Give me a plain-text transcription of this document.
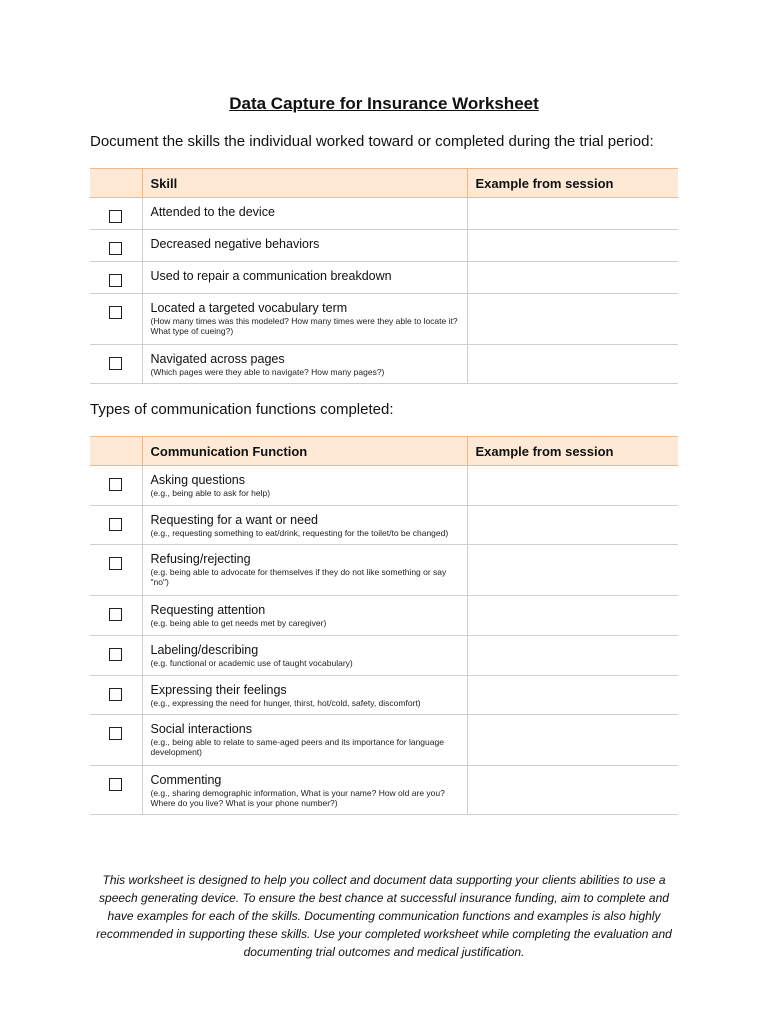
Data Capture for Insurance Worksheet
Document the skills the individual worked toward or completed during the trial period:
	Skill	Example from session

	Attended to the device	

	Decreased negative behaviors	

	Used to repair a communication breakdown	

	Located a targeted vocabulary term
(How many times was this modeled? How many times were they able to locate it? What type of cueing?)	

	Navigated across pages
(Which pages were they able to navigate? How many pages?)	

Types of communication functions completed:
	Communication Function	Example from session

	Asking questions
(e.g., being able to ask for help)	

	Requesting for a want or need
(e.g., requesting something to eat/drink, requesting for the toilet/to be changed)	

	Refusing/rejecting
(e.g. being able to advocate for themselves if they do not like something or say "no")	

	Requesting attention
(e.g. being able to get needs met by caregiver)	

	Labeling/describing
(e.g. functional or academic use of taught vocabulary)	

	Expressing their feelings
(e.g., expressing the need for hunger, thirst, hot/cold, safety, discomfort)	

	Social interactions
(e.g., being able to relate to same-aged peers and its importance for language development)	

	Commenting
(e.g., sharing demographic information, What is your name? How old are you? Where do you live? What is your phone number?)	

This worksheet is designed to help you collect and document data supporting your clients abilities to use a speech generating device. To ensure the best chance at successful insurance funding, aim to complete and have examples for each of the skills. Documenting communication functions and examples is also highly recommended in supporting these skills. Use your completed worksheet while completing the evaluation and documenting trial outcomes and medical justification.
